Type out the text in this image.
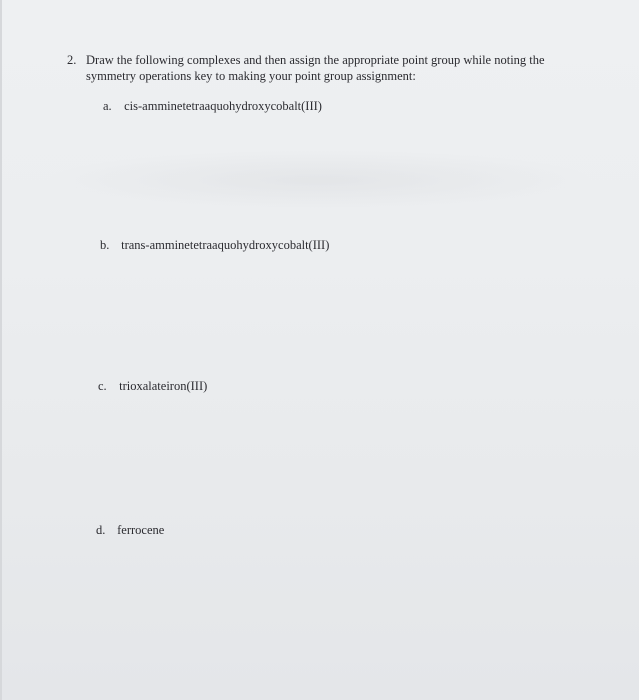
2. Draw the following complexes and then assign the appropriate point group while noting the
symmetry operations key to making your point group assignment:
a. cis-amminetetraaquohydroxycobalt(III)
b. trans-amminetetraaquohydroxycobalt(III)
c. trioxalateiron(III)
d. ferrocene
